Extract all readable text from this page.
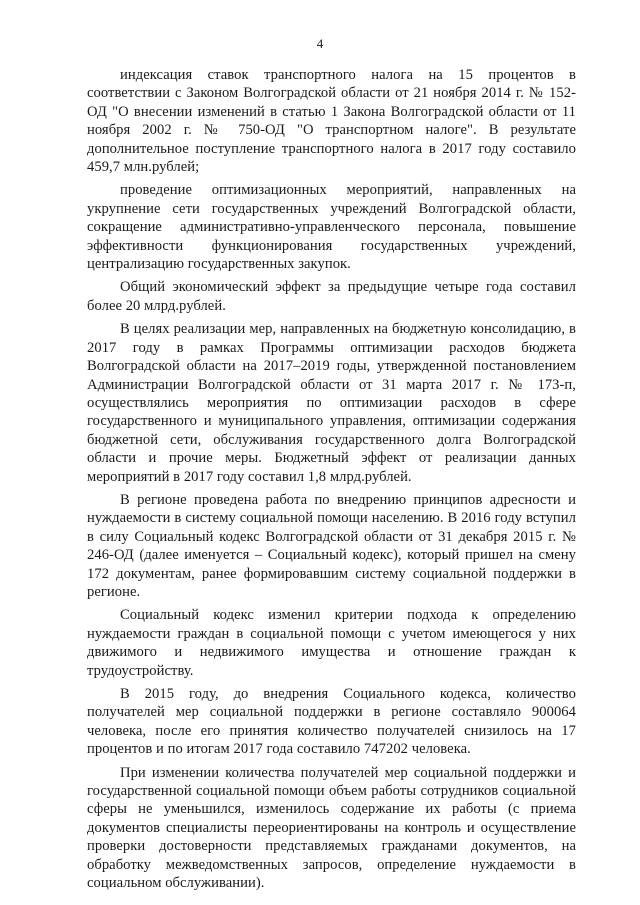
4

индексация ставок транспортного налога на 15 процентов в соответствии с Законом Волгоградской области от 21 ноября 2014 г. № 152-ОД "О внесении изменений в статью 1 Закона Волгоградской области от 11 ноября 2002 г. № 750-ОД "О транспортном налоге". В результате дополнительное поступление транспортного налога в 2017 году составило 459,7 млн.рублей;

проведение оптимизационных мероприятий, направленных на укрупнение сети государственных учреждений Волгоградской области, сокращение административно-управленческого персонала, повышение эффективности функционирования государственных учреждений, централизацию государственных закупок.

Общий экономический эффект за предыдущие четыре года составил более 20 млрд.рублей.

В целях реализации мер, направленных на бюджетную консолидацию, в 2017 году в рамках Программы оптимизации расходов бюджета Волгоградской области на 2017–2019 годы, утвержденной постановлением Администрации Волгоградской области от 31 марта 2017 г. № 173-п, осуществлялись мероприятия по оптимизации расходов в сфере государственного и муниципального управления, оптимизации содержания бюджетной сети, обслуживания государственного долга Волгоградской области и прочие меры. Бюджетный эффект от реализации данных мероприятий в 2017 году составил 1,8 млрд.рублей.

В регионе проведена работа по внедрению принципов адресности и нуждаемости в систему социальной помощи населению. В 2016 году вступил в силу Социальный кодекс Волгоградской области от 31 декабря 2015 г. № 246-ОД (далее именуется – Социальный кодекс), который пришел на смену 172 документам, ранее формировавшим систему социальной поддержки в регионе.

Социальный кодекс изменил критерии подхода к определению нуждаемости граждан в социальной помощи с учетом имеющегося у них движимого и недвижимого имущества и отношение граждан к трудоустройству.

В 2015 году, до внедрения Социального кодекса, количество получателей мер социальной поддержки в регионе составляло 900064 человека, после его принятия количество получателей снизилось на 17 процентов и по итогам 2017 года составило 747202 человека.

При изменении количества получателей мер социальной поддержки и государственной социальной помощи объем работы сотрудников социальной сферы не уменьшился, изменилось содержание их работы (с приема документов специалисты переориентированы на контроль и осуществление проверки достоверности представляемых гражданами документов, на обработку межведомственных запросов, определение нуждаемости в социальном обслуживании).
